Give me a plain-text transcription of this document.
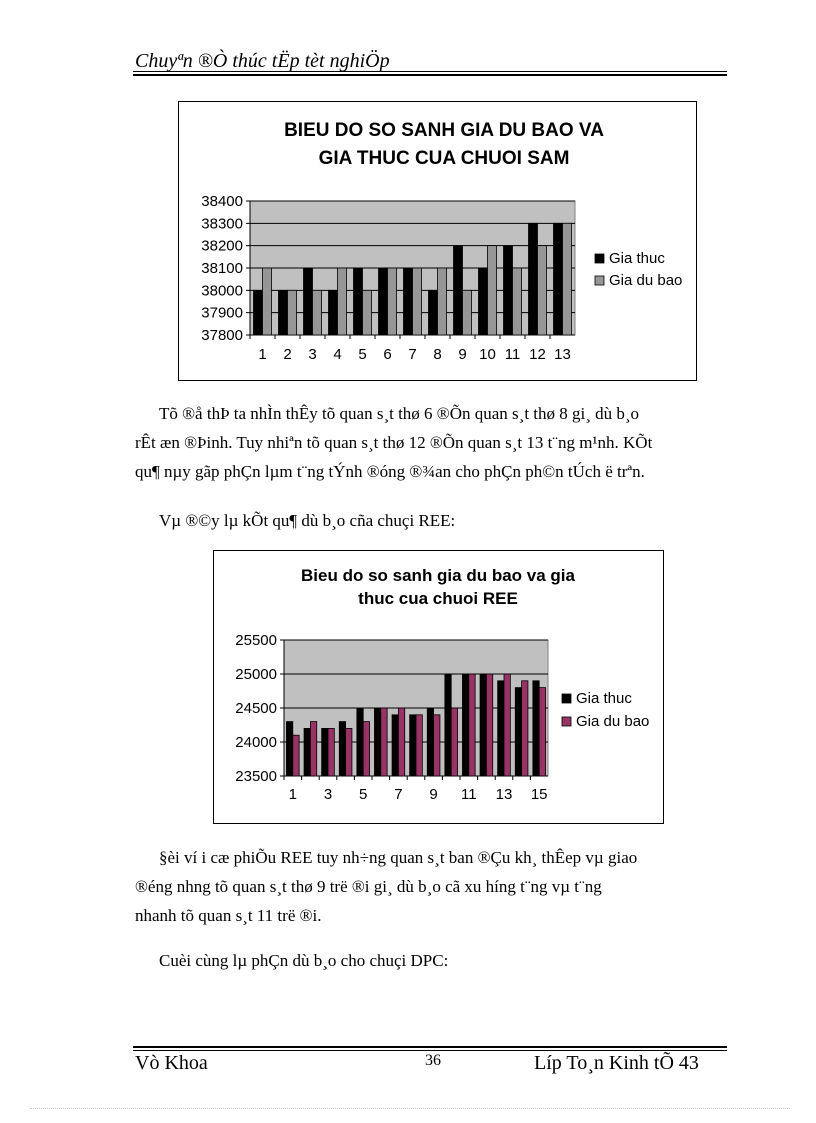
Chuyªn ®Ò thúc tËp tèt nghiÖp
BIEU DO SO SANH GIA DU BAO VA
GIA THUC CUA CHUOI SAM
38400
38300
38200
38100
38000
37900
37800
1 2 3 4 5 6 7 8 9 10 11 12 13
Gia thuc
Gia du bao

Tõ ®å thÞ ta nhÌn thÊy tõ quan s¸t thø 6 ®Õn quan s¸t thø 8 gi¸ dù b¸o
rÊt æn ®Þinh. Tuy nhiªn tõ quan s¸t thø 12 ®Õn quan s¸t 13 t¨ng m¹nh. KÕt
qu¶ nµy gãp phÇn lµm t¨ng tÝnh ®óng ®¾an cho phÇn ph©n tÚch ë trªn.

Vµ ®©y lµ kÕt qu¶ dù b¸o cña chuçi REE:

Bieu do so sanh gia du bao va gia
thuc cua chuoi REE
25500
25000
24500
24000
23500
1 3 5 7 9 11 13 15
Gia thuc
Gia du bao

§èi ví i cæ phiÕu REE tuy nh÷ng quan s¸t ban ®Çu kh¸ thÊep vµ giao
®éng nhng tõ quan s¸t thø 9 trë ®i gi¸ dù b¸o cã xu híng t¨ng vµ t¨ng
nhanh tõ quan s¸t 11 trë ®i.

Cuèi cùng lµ phÇn dù b¸o cho chuçi DPC:

Vò Khoa	36	Líp To¸n Kinh tÕ 43
